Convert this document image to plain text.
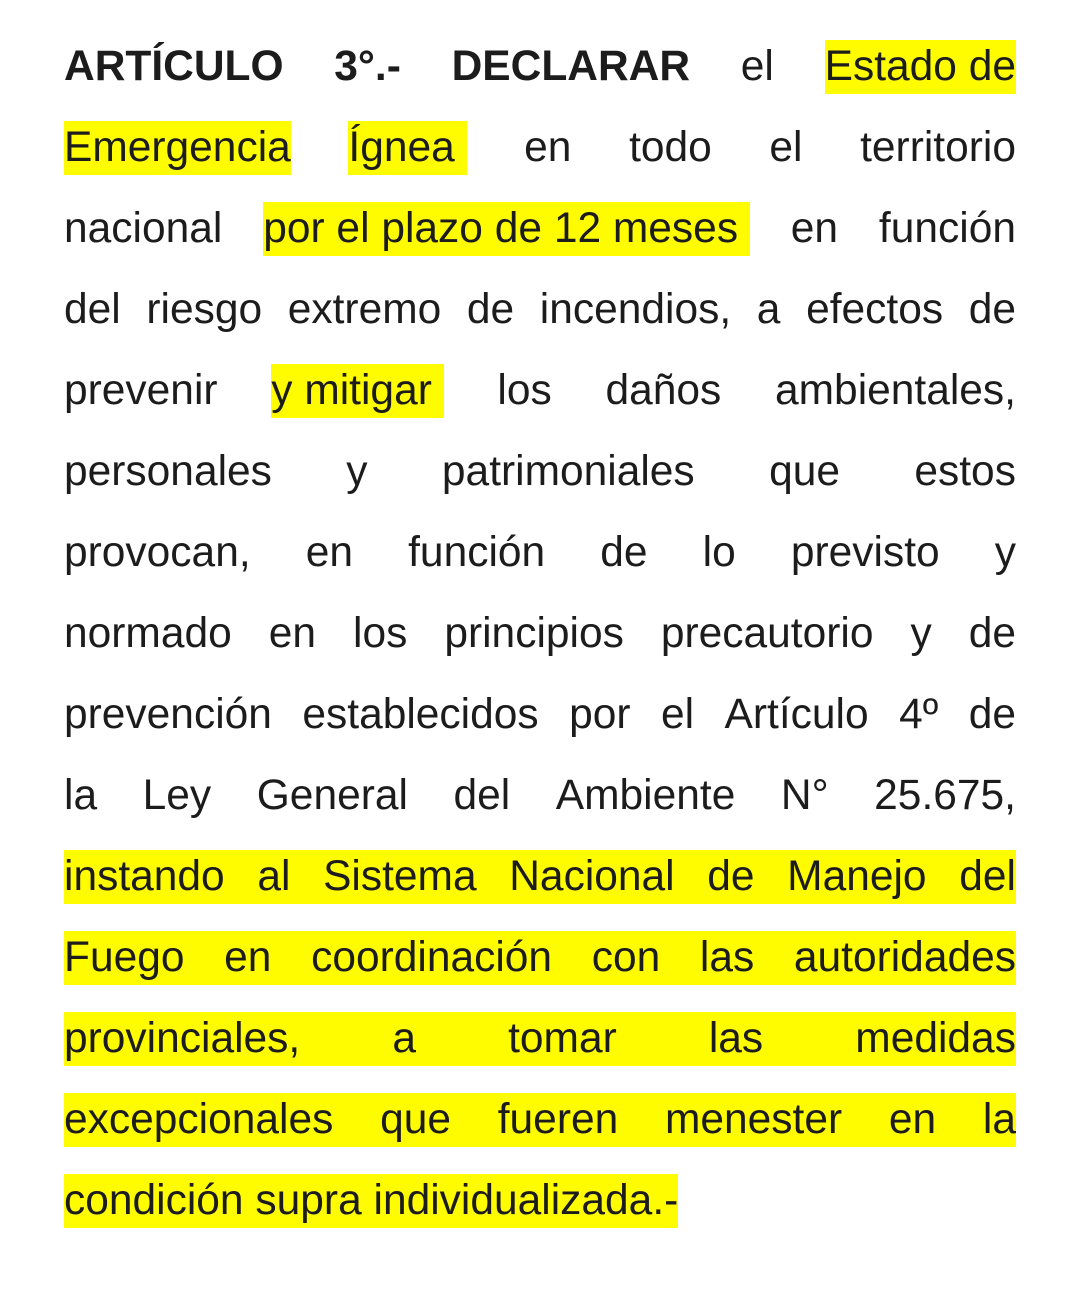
ARTÍCULO 3°.- DECLARAR el Estado de
Emergencia Ígnea en todo el territorio
nacional por el plazo de 12 meses en función
del riesgo extremo de incendios, a efectos de
prevenir y mitigar los daños ambientales,
personales y patrimoniales que estos
provocan, en función de lo previsto y
normado en los principios precautorio y de
prevención establecidos por el Artículo 4º de
la Ley General del Ambiente N° 25.675,
instando al Sistema Nacional de Manejo del
Fuego en coordinación con las autoridades
provinciales, a tomar las medidas
excepcionales que fueren menester en la
condición supra individualizada.-
